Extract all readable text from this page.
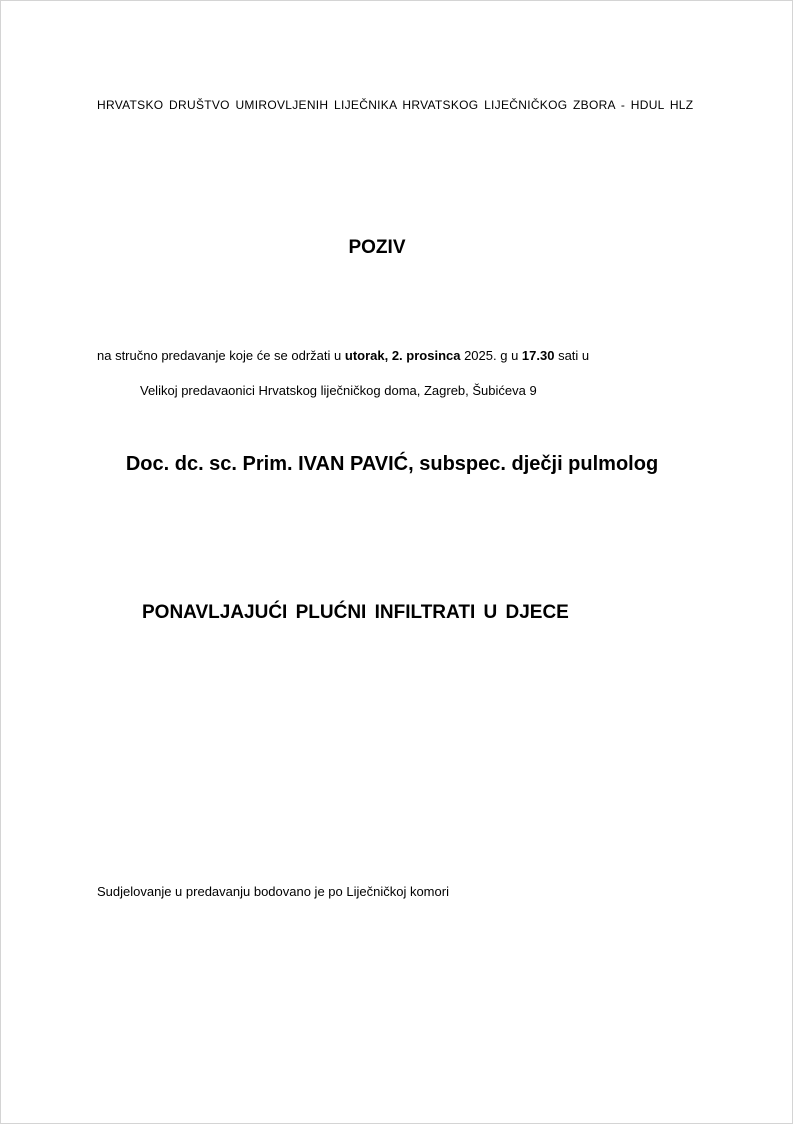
HRVATSKO DRUŠTVO UMIROVLJENIH LIJEČNIKA HRVATSKOG LIJEČNIČKOG ZBORA - HDUL HLZ
POZIV
na stručno predavanje koje će se održati u utorak, 2. prosinca 2025. g u 17.30 sati u
Velikoj predavaonici Hrvatskog liječničkog doma, Zagreb, Šubićeva 9
Doc. dc. sc. Prim. IVAN PAVIĆ, subspec. dječji pulmolog
PONAVLJAJUĆI PLUĆNI INFILTRATI U DJECE
Sudjelovanje u predavanju bodovano je po Liječničkoj komori
